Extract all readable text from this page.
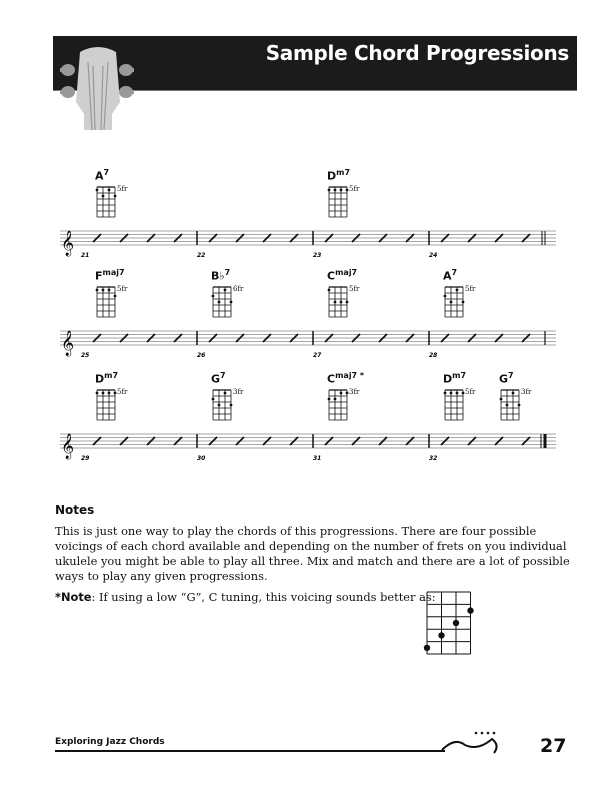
Sample Chord Progressions
𝄞 21	22	23	24
$A^7$
5fr
$D^{m7}$
5fr
𝄞 25	26	27	28
$F^{maj7}$
5fr
B♭$^7$
6fr
$C^{maj7}$
5fr
$A^7$
5fr
𝄞 29	30	31	32
$D^{m7}$
5fr
$G^7$
3fr
$C^{maj7 *}$
3fr
$D^{m7}$
5fr
$G^7$
3fr
Notes
This is just one way to play the chords of this progressions. There are four possible voicings of each chord available and depending on the number of frets on you individual ukulele you might be able to play all three. Mix and match and there are a lot of possible ways to play any given progressions.
*Note: If using a low “G”, C tuning, this voicing sounds better as:
Exploring Jazz Chords	27
